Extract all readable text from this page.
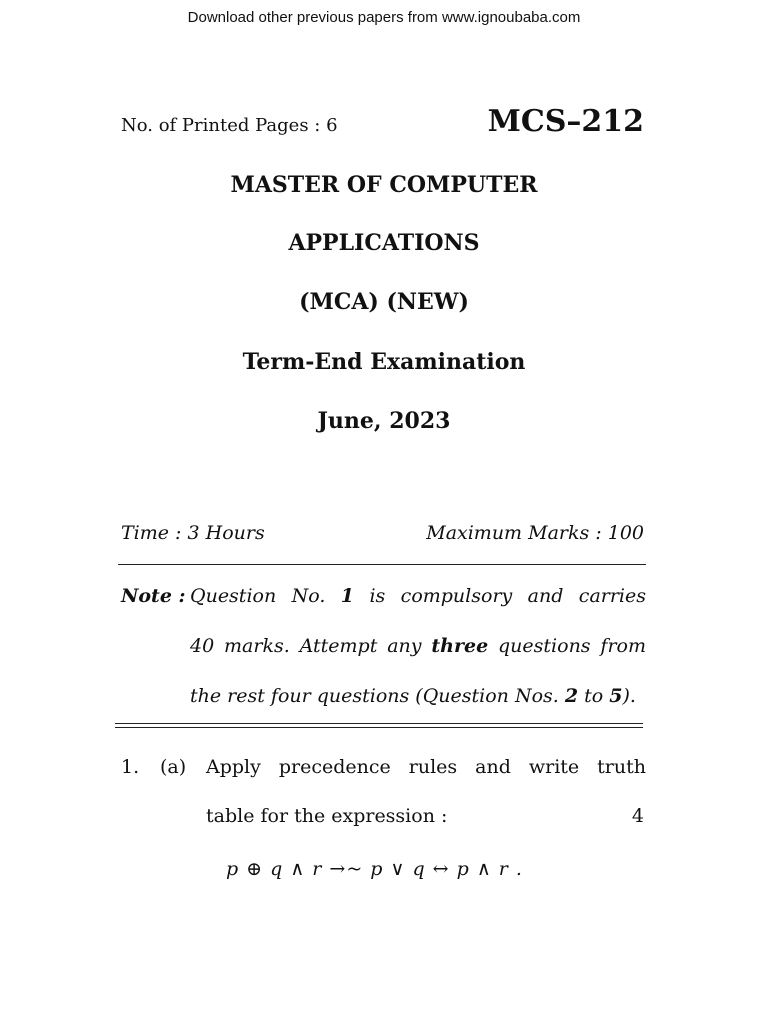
Download other previous papers from www.ignoubaba.com
No. of Printed Pages : 6	MCS–212
MASTER OF COMPUTER
APPLICATIONS
(MCA) (NEW)
Term-End Examination
June, 2023
Time : 3 Hours	Maximum Marks : 100
Note : Question No. 1 is compulsory and carries
40 marks. Attempt any three questions from
the rest four questions (Question Nos. 2 to 5).
1. (a) Apply precedence rules and write truth
table for the expression :	4
p ⊕ q ∧ r →~ p ∨ q ↔ p ∧ r .
